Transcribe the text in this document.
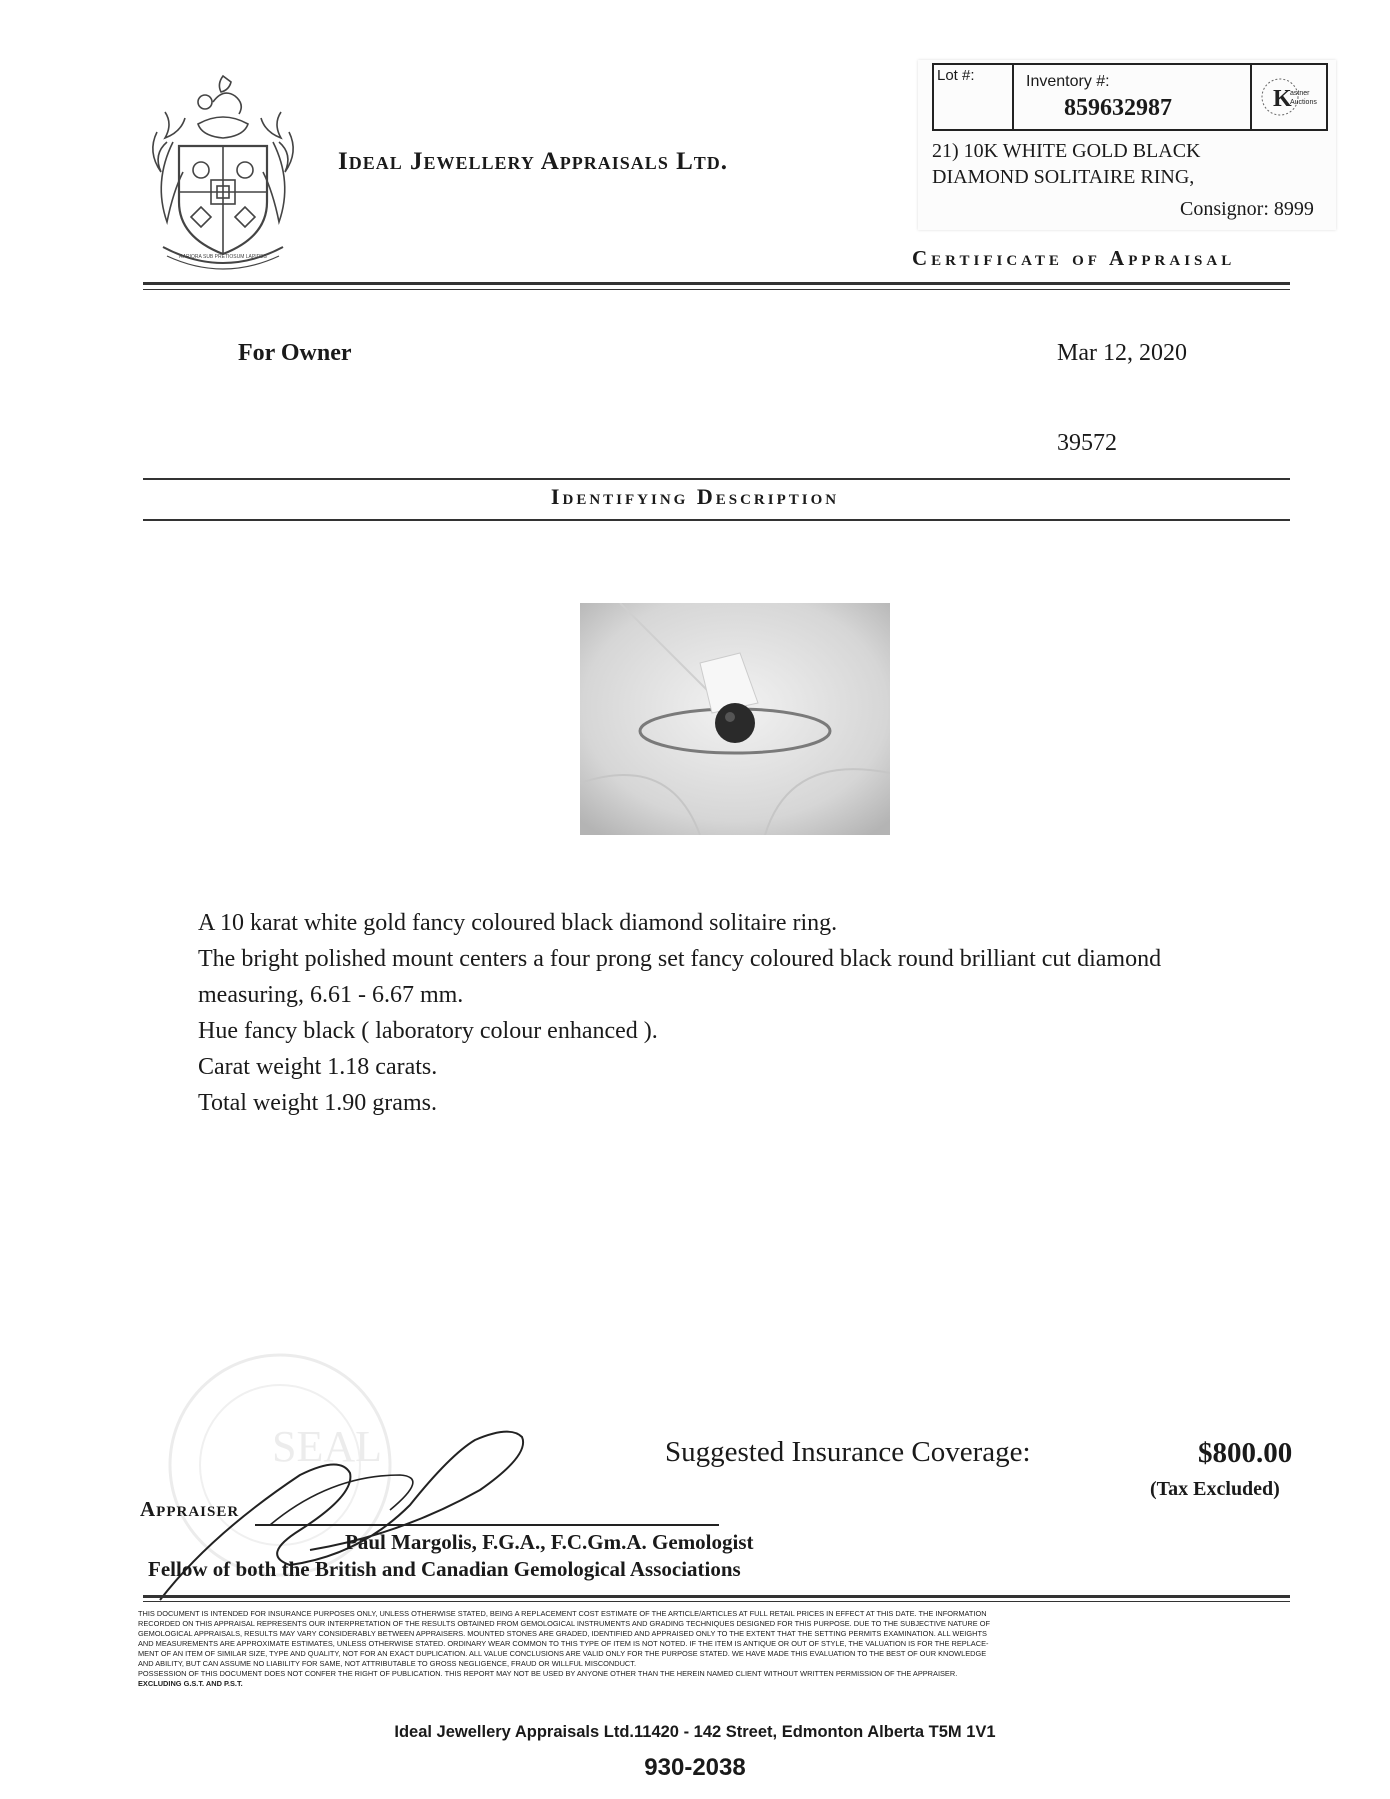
RARIORA SUB PRETIOSUM LAPIDES
Ideal Jewellery Appraisals Ltd.
Lot #:	Inventory #:
859632987	K
astner
Auctions
21) 10K WHITE GOLD BLACK
DIAMOND SOLITAIRE RING,
Consignor: 8999
Certificate of Appraisal
For Owner	Mar 12, 2020
39572
Identifying Description
A 10 karat white gold fancy coloured black diamond solitaire ring.
The bright polished mount centers a four prong set fancy coloured black round brilliant cut diamond
measuring, 6.61 - 6.67 mm.
Hue fancy black ( laboratory colour enhanced ).
Carat weight 1.18 carats.
Total weight 1.90 grams.
SEAL	Suggested Insurance Coverage:	$800.00
(Tax Excluded)
Appraiser
Paul Margolis, F.G.A., F.C.Gm.A. Gemologist
Fellow of both the British and Canadian Gemological Associations
THIS DOCUMENT IS INTENDED FOR INSURANCE PURPOSES ONLY, UNLESS OTHERWISE STATED, BEING A REPLACEMENT COST ESTIMATE OF THE ARTICLE/ARTICLES AT FULL RETAIL PRICES IN EFFECT AT THIS DATE. THE INFORMATION
RECORDED ON THIS APPRAISAL REPRESENTS OUR INTERPRETATION OF THE RESULTS OBTAINED FROM GEMOLOGICAL INSTRUMENTS AND GRADING TECHNIQUES DESIGNED FOR THIS PURPOSE. DUE TO THE SUBJECTIVE NATURE OF
GEMOLOGICAL APPRAISALS, RESULTS MAY VARY CONSIDERABLY BETWEEN APPRAISERS. MOUNTED STONES ARE GRADED, IDENTIFIED AND APPRAISED ONLY TO THE EXTENT THAT THE SETTING PERMITS EXAMINATION. ALL WEIGHTS
AND MEASUREMENTS ARE APPROXIMATE ESTIMATES, UNLESS OTHERWISE STATED. ORDINARY WEAR COMMON TO THIS TYPE OF ITEM IS NOT NOTED. IF THE ITEM IS ANTIQUE OR OUT OF STYLE, THE VALUATION IS FOR THE REPLACE-
MENT OF AN ITEM OF SIMILAR SIZE, TYPE AND QUALITY, NOT FOR AN EXACT DUPLICATION. ALL VALUE CONCLUSIONS ARE VALID ONLY FOR THE PURPOSE STATED. WE HAVE MADE THIS EVALUATION TO THE BEST OF OUR KNOWLEDGE
AND ABILITY, BUT CAN ASSUME NO LIABILITY FOR SAME, NOT ATTRIBUTABLE TO GROSS NEGLIGENCE, FRAUD OR WILLFUL MISCONDUCT.
POSSESSION OF THIS DOCUMENT DOES NOT CONFER THE RIGHT OF PUBLICATION. THIS REPORT MAY NOT BE USED BY ANYONE OTHER THAN THE HEREIN NAMED CLIENT WITHOUT WRITTEN PERMISSION OF THE APPRAISER.
EXCLUDING G.S.T. AND P.S.T.
Ideal Jewellery Appraisals Ltd.11420 - 142 Street, Edmonton Alberta T5M 1V1
930-2038
